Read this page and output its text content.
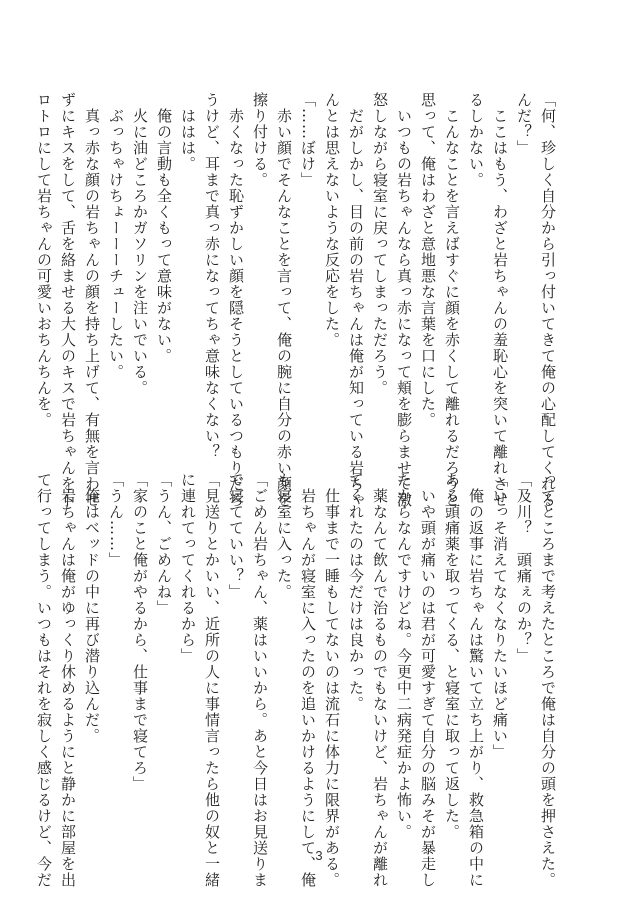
「何、珍しく自分から引っ付いてきて俺の心配してくれる
んだ？」
　ここはもう、わざと岩ちゃんの羞恥心を突いて離れさせ
るしかない。
　こんなことを言えばすぐに顔を赤くして離れるだろうと
思って、俺はわざと意地悪な言葉を口にした。
　いつもの岩ちゃんなら真っ赤になって頬を膨らませて激
怒しながら寝室に戻ってしまっただろう。
　だがしかし、目の前の岩ちゃんは俺が知っている岩ちゃ
んとは思えないような反応をした。
「……ぼけ」
　赤い顔でそんなことを言って、俺の腕に自分の赤い顔を
擦り付ける。
　赤くなった恥ずかしい顔を隠そうとしているつもりだろ
うけど、耳まで真っ赤になってちゃ意味なくない？
　ははは。
　俺の言動も全くもって意味がない。
　火に油どころかガソリンを注いでいる。
　ぶっちゃけちょーーーチューしたい。
　真っ赤な顔の岩ちゃんの顔を持ち上げて、有無を言わせ
ずにキスをして、舌を絡ませる大人のキスで岩ちゃんをト
ロトロにして岩ちゃんの可愛いおちんちんを。
ってところまで考えたところで俺は自分の頭を押さえた。
「及川？　頭痛ぇのか？」
「いっそ消えてなくなりたいほど痛い」
　俺の返事に岩ちゃんは驚いて立ち上がり、救急箱の中に
ある頭痛薬を取ってくる、と寝室に取って返した。
　いや頭が痛いのは君が可愛すぎて自分の脳みそが暴走し
たからなんですけどね。今更中二病発症かよ怖い。
　薬なんて飲んで治るものでもないけど、岩ちゃんが離れ
てくれたのは今だけは良かった。
　仕事まで一睡もしてないのは流石に体力に限界がある。
　岩ちゃんが寝室に入ったのを追いかけるようにして、俺
も寝室に入った。
「ごめん岩ちゃん、薬はいいから。あと今日はお見送りま
で寝てていい？」
「見送りとかいい、近所の人に事情言ったら他の奴と一緒
に連れてってくれるから」
「うん、ごめんね」
「家のこと俺がやるから、仕事まで寝てろ」
「うん……」
　俺はベッドの中に再び潜り込んだ。
　岩ちゃんは俺がゆっくり休めるようにと静かに部屋を出
て行ってしまう。いつもはそれを寂しく感じるけど、今だ	3
